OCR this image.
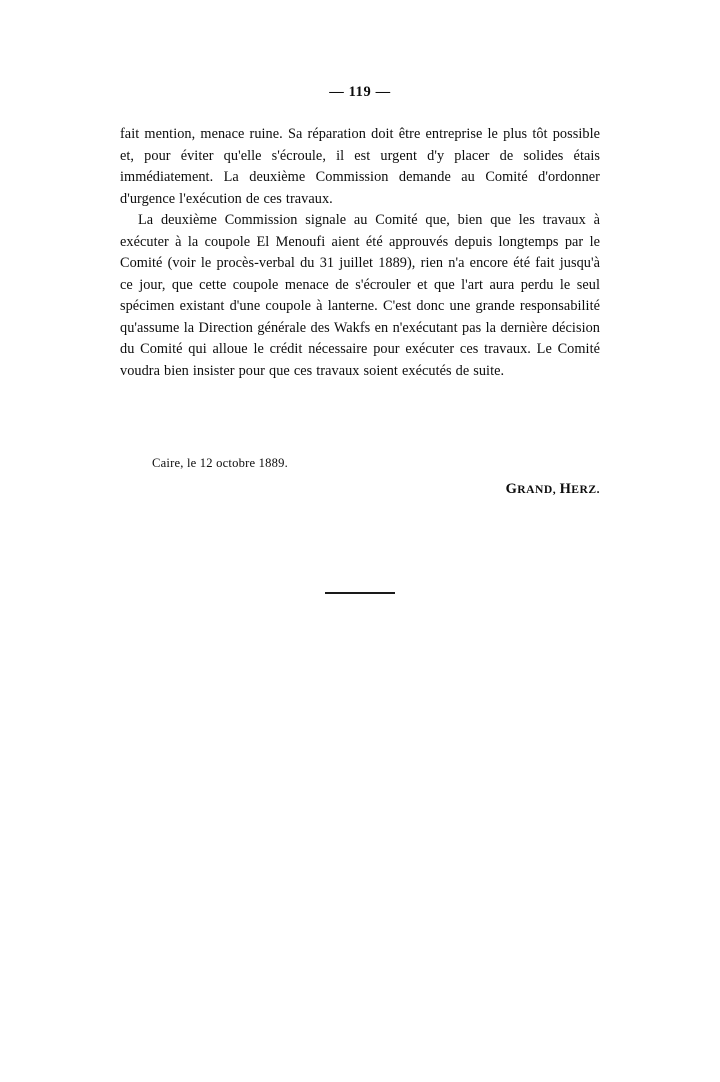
— 119 —

fait mention, menace ruine. Sa réparation doit être entreprise le plus tôt possible et, pour éviter qu'elle s'écroule, il est urgent d'y placer de solides étais immédiatement. La deuxième Commission demande au Comité d'ordonner d'urgence l'exécution de ces travaux.

La deuxième Commission signale au Comité que, bien que les travaux à exécuter à la coupole El Menoufi aient été approuvés depuis longtemps par le Comité (voir le procès-verbal du 31 juillet 1889), rien n'a encore été fait jusqu'à ce jour, que cette coupole menace de s'écrouler et que l'art aura perdu le seul spécimen existant d'une coupole à lanterne. C'est donc une grande responsabilité qu'assume la Direction générale des Wakfs en n'exécutant pas la dernière décision du Comité qui alloue le crédit nécessaire pour exécuter ces travaux. Le Comité voudra bien insister pour que ces travaux soient exécutés de suite.

Caire, le 12 octobre 1889.
GRAND, HERZ.
